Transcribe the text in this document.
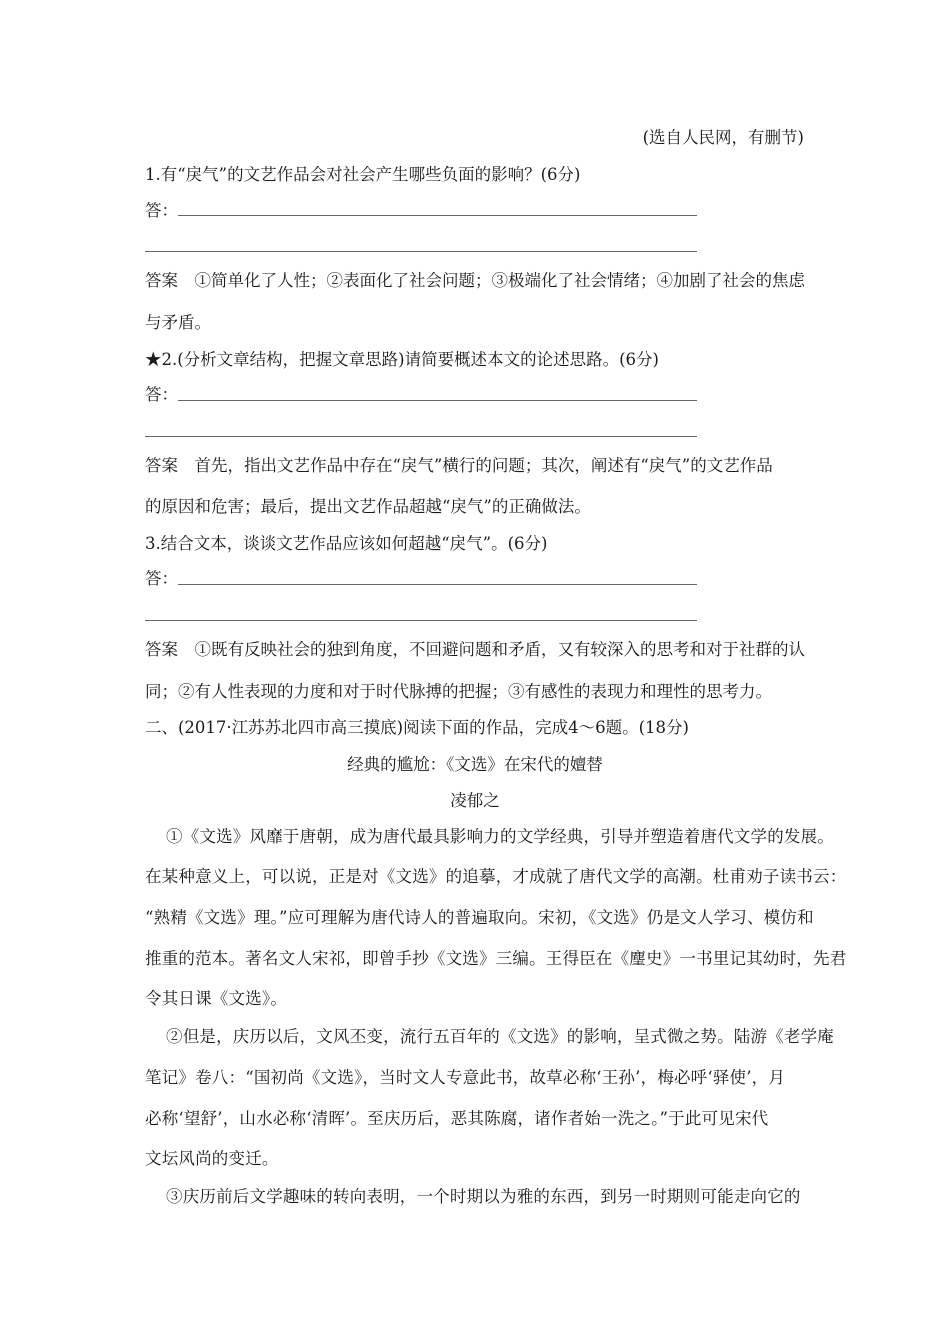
(选自人民网，有删节)
1.有“戾气”的文艺作品会对社会产生哪些负面的影响？(6分)
答：
答案　①简单化了人性；②表面化了社会问题；③极端化了社会情绪；④加剧了社会的焦虑
与矛盾。
★2.(分析文章结构，把握文章思路)请简要概述本文的论述思路。(6分)
答：
答案　首先，指出文艺作品中存在“戾气”横行的问题；其次，阐述有“戾气”的文艺作品
的原因和危害；最后，提出文艺作品超越“戾气”的正确做法。
3.结合文本，谈谈文艺作品应该如何超越“戾气”。(6分)
答：
答案　①既有反映社会的独到角度，不回避问题和矛盾，又有较深入的思考和对于社群的认
同；②有人性表现的力度和对于时代脉搏的把握；③有感性的表现力和理性的思考力。
二、(2017·江苏苏北四市高三摸底)阅读下面的作品，完成4～6题。(18分)
经典的尴尬：《文选》在宋代的嬗替
凌郁之
①《文选》风靡于唐朝，成为唐代最具影响力的文学经典，引导并塑造着唐代文学的发展。
在某种意义上，可以说，正是对《文选》的追摹，才成就了唐代文学的高潮。杜甫劝子读书云：
“熟精《文选》理。”应可理解为唐代诗人的普遍取向。宋初，《文选》仍是文人学习、模仿和
推重的范本。著名文人宋祁，即曾手抄《文选》三编。王得臣在《麈史》一书里记其幼时，先君
令其日课《文选》。
②但是，庆历以后，文风丕变，流行五百年的《文选》的影响，呈式微之势。陆游《老学庵
笔记》卷八：“国初尚《文选》，当时文人专意此书，故草必称‘王孙’，梅必呼‘驿使’，月
必称‘望舒’，山水必称‘清晖’。至庆历后，恶其陈腐，诸作者始一洗之。”于此可见宋代
文坛风尚的变迁。
③庆历前后文学趣味的转向表明，一个时期以为雅的东西，到另一时期则可能走向它的
